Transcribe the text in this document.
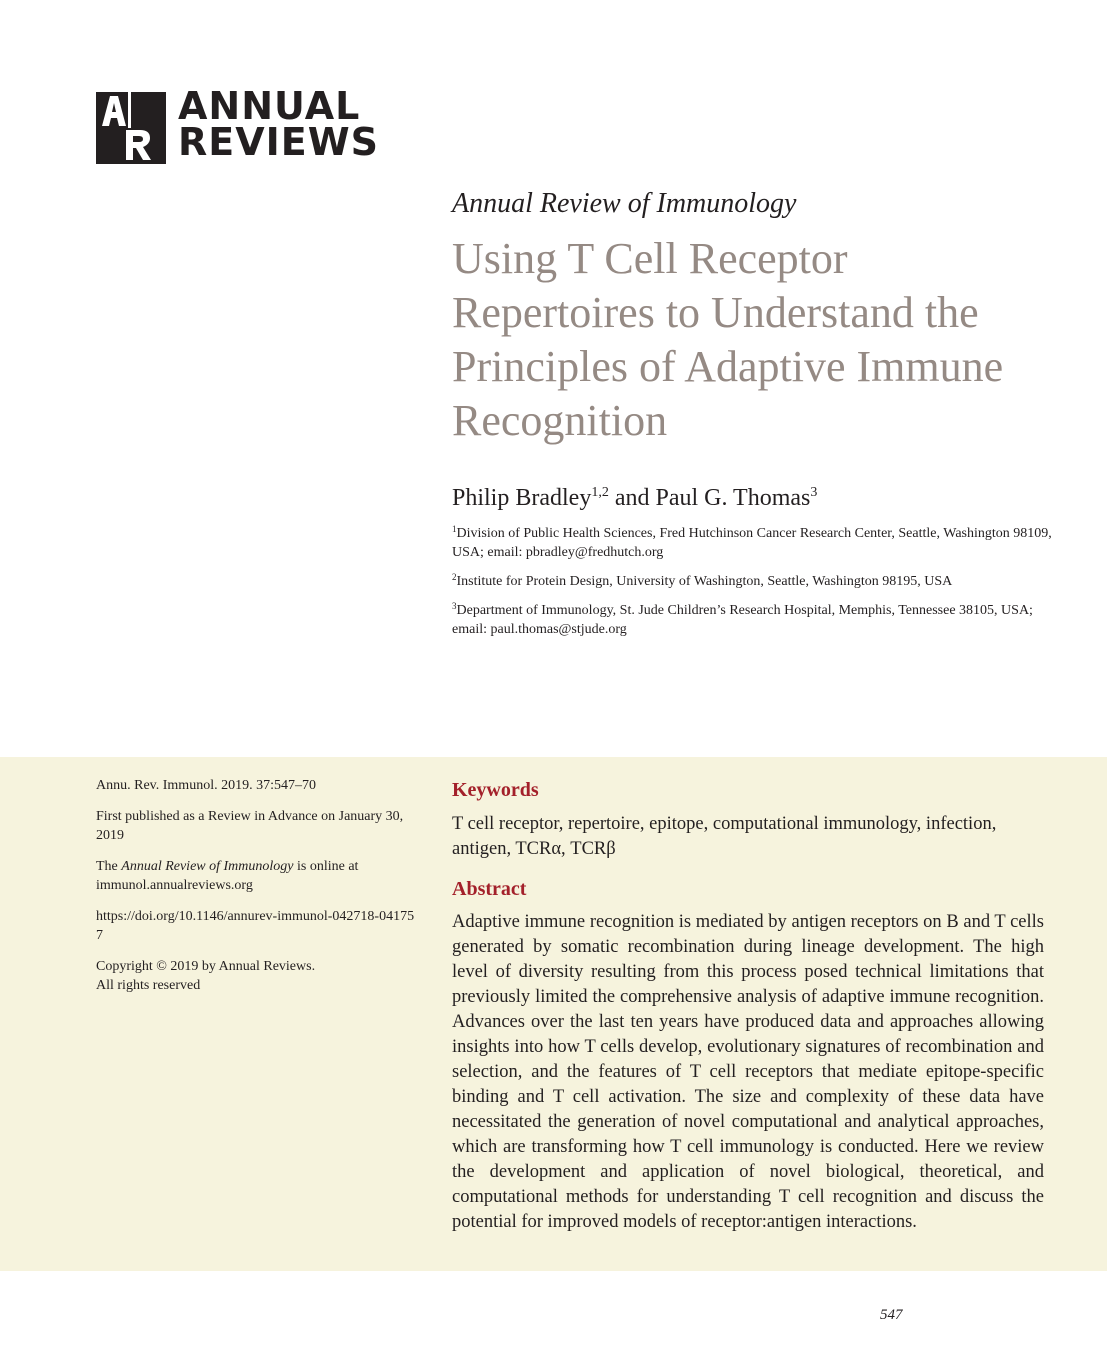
ANNUAL
REVIEWS
Annual Review of Immunology
Using T Cell Receptor
Repertoires to Understand the
Principles of Adaptive Immune
Recognition
Philip Bradley$^{1,2}$ and Paul G. Thomas$^3$

$^1$Division of Public Health Sciences, Fred Hutchinson Cancer Research Center, Seattle, Washington 98109, USA; email: pbradley@fredhutch.org

$^2$Institute for Protein Design, University of Washington, Seattle, Washington 98195, USA

$^3$Department of Immunology, St. Jude Children’s Research Hospital, Memphis, Tennessee 38105, USA; email: paul.thomas@stjude.org

Annu. Rev. Immunol. 2019. 37:547–70

First published as a Review in Advance on January 30, 2019

The Annual Review of Immunology is online at immunol.annualreviews.org

https://doi.org/10.1146/annurev-immunol-042718-041757

Copyright © 2019 by Annual Reviews.
All rights reserved

Keywords

T cell receptor, repertoire, epitope, computational immunology, infection, antigen, TCRα, TCRβ

Abstract

Adaptive immune recognition is mediated by antigen receptors on B and T cells generated by somatic recombination during lineage development. The high level of diversity resulting from this process posed technical limitations that previously limited the comprehensive analysis of adaptive immune recognition. Advances over the last ten years have produced data and approaches allowing insights into how T cells develop, evolutionary signatures of recombination and selection, and the features of T cell receptors that mediate epitope-specific binding and T cell activation. The size and complexity of these data have necessitated the generation of novel computational and analytical approaches, which are transforming how T cell immunology is conducted. Here we review the development and application of novel biological, theoretical, and computational methods for understanding T cell recognition and discuss the potential for improved models of receptor:antigen interactions.

547
